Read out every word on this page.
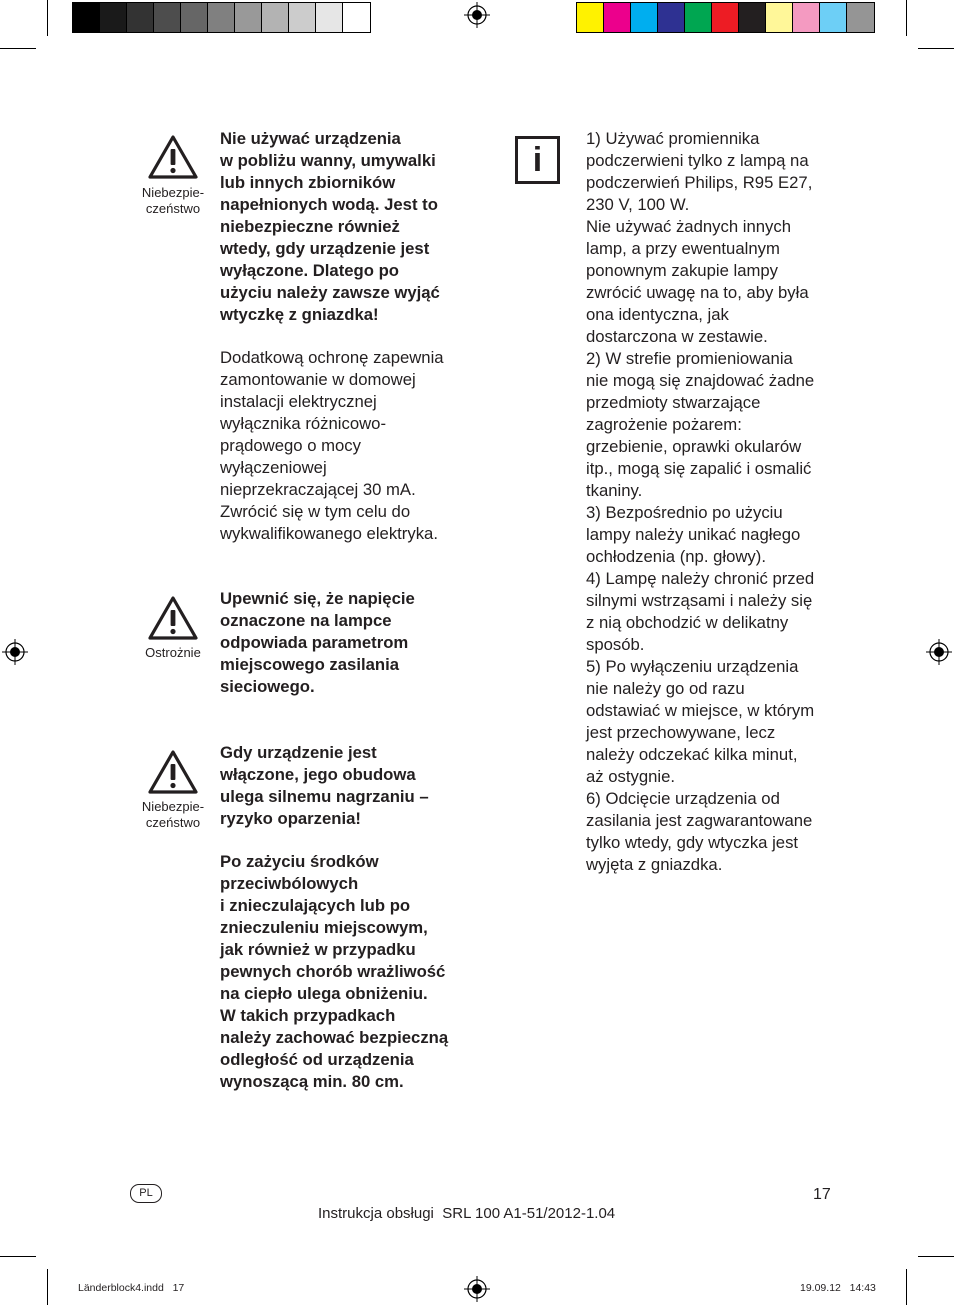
Niebezpie-
czeństwo

Nie używać urządzenia
w pobliżu wanny, umywalki
lub innych zbiorników
napełnionych wodą. Jest to
niebezpieczne również
wtedy, gdy urządzenie jest
wyłączone. Dlatego po
użyciu należy zawsze wyjąć
wtyczkę z gniazdka!

Dodatkową ochronę zapewnia
zamontowanie w domowej
instalacji elektrycznej
wyłącznika różnicowo-
prądowego o mocy
wyłączeniowej
nieprzekraczającej 30 mA.
Zwrócić się w tym celu do
wykwalifikowanego elektryka.

Ostrożnie

Upewnić się, że napięcie
oznaczone na lampce
odpowiada parametrom
miejscowego zasilania
sieciowego.

Niebezpie-
czeństwo

Gdy urządzenie jest
włączone, jego obudowa
ulega silnemu nagrzaniu –
ryzyko oparzenia!

Po zażyciu środków
przeciwbólowych
i znieczulających lub po
znieczuleniu miejscowym,
jak również w przypadku
pewnych chorób wrażliwość
na ciepło ulega obniżeniu.
W takich przypadkach
należy zachować bezpieczną
odległość od urządzenia
wynoszącą min. 80 cm.

i

1) Używać promiennika
podczerwieni tylko z lampą na
podczerwień Philips, R95 E27,
230 V, 100 W.
Nie używać żadnych innych
lamp, a przy ewentualnym
ponownym zakupie lampy
zwrócić uwagę na to, aby była
ona identyczna, jak
dostarczona w zestawie.
2) W strefie promieniowania
nie mogą się znajdować żadne
przedmioty stwarzające
zagrożenie pożarem:
grzebienie, oprawki okularów
itp., mogą się zapalić i osmalić
tkaniny.
3) Bezpośrednio po użyciu
lampy należy unikać nagłego
ochłodzenia (np. głowy).
4) Lampę należy chronić przed
silnymi wstrząsami i należy się
z nią obchodzić w delikatny
sposób.
5) Po wyłączeniu urządzenia
nie należy go od razu
odstawiać w miejsce, w którym
jest przechowywane, lecz
należy odczekać kilka minut,
aż ostygnie.
6) Odcięcie urządzenia od
zasilania jest zagwarantowane
tylko wtedy, gdy wtyczka jest
wyjęta z gniazdka.

PL	17
Instrukcja obsługi  SRL 100 A1-51/2012-1.04
Länderblock4.indd   17	19.09.12   14:43
